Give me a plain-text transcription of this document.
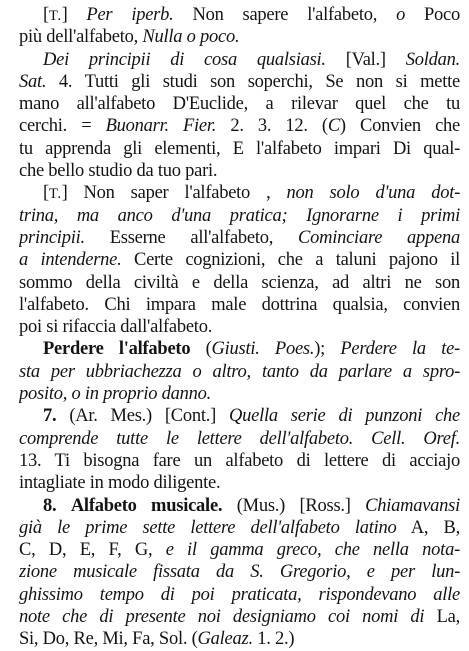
[T.] Per iperb. Non sapere l'alfabeto, o Poco
più dell'alfabeto, Nulla o poco.
Dei principii di cosa qualsiasi. [Val.] Soldan.
Sat. 4. Tutti gli studi son soperchi, Se non si mette
mano all'alfabeto D'Euclide, a rilevar quel che tu
cerchi. = Buonarr. Fier. 2. 3. 12. (C) Convien che
tu apprenda gli elementi, E l'alfabeto impari Di qual-
che bello studio da tuo pari.
[T.] Non saper l'alfabeto , non solo d'una dot-
trina, ma anco d'una pratica; Ignorarne i primi
principii. Esserne all'alfabeto, Cominciare appena
a intenderne. Certe cognizioni, che a taluni pajono il
sommo della civiltà e della scienza, ad altri ne son
l'alfabeto. Chi impara male dottrina qualsia, convien
poi si rifaccia dall'alfabeto.
Perdere l'alfabeto (Giusti. Poes.); Perdere la te-
sta per ubbriachezza o altro, tanto da parlare a spro-
posito, o in proprio danno.
7. (Ar. Mes.) [Cont.] Quella serie di punzoni che
comprende tutte le lettere dell'alfabeto. Cell. Oref.
13. Ti bisogna fare un alfabeto di lettere di acciajo
intagliate in modo diligente.
8. Alfabeto musicale. (Mus.) [Ross.] Chiamavansi
già le prime sette lettere dell'alfabeto latino A, B,
C, D, E, F, G, e il gamma greco, che nella nota-
zione musicale fissata da S. Gregorio, e per lun-
ghissimo tempo di poi praticata, rispondevano alle
note che di presente noi designiamo coi nomi di La,
Si, Do, Re, Mi, Fa, Sol. (Galeaz. 1. 2.)
